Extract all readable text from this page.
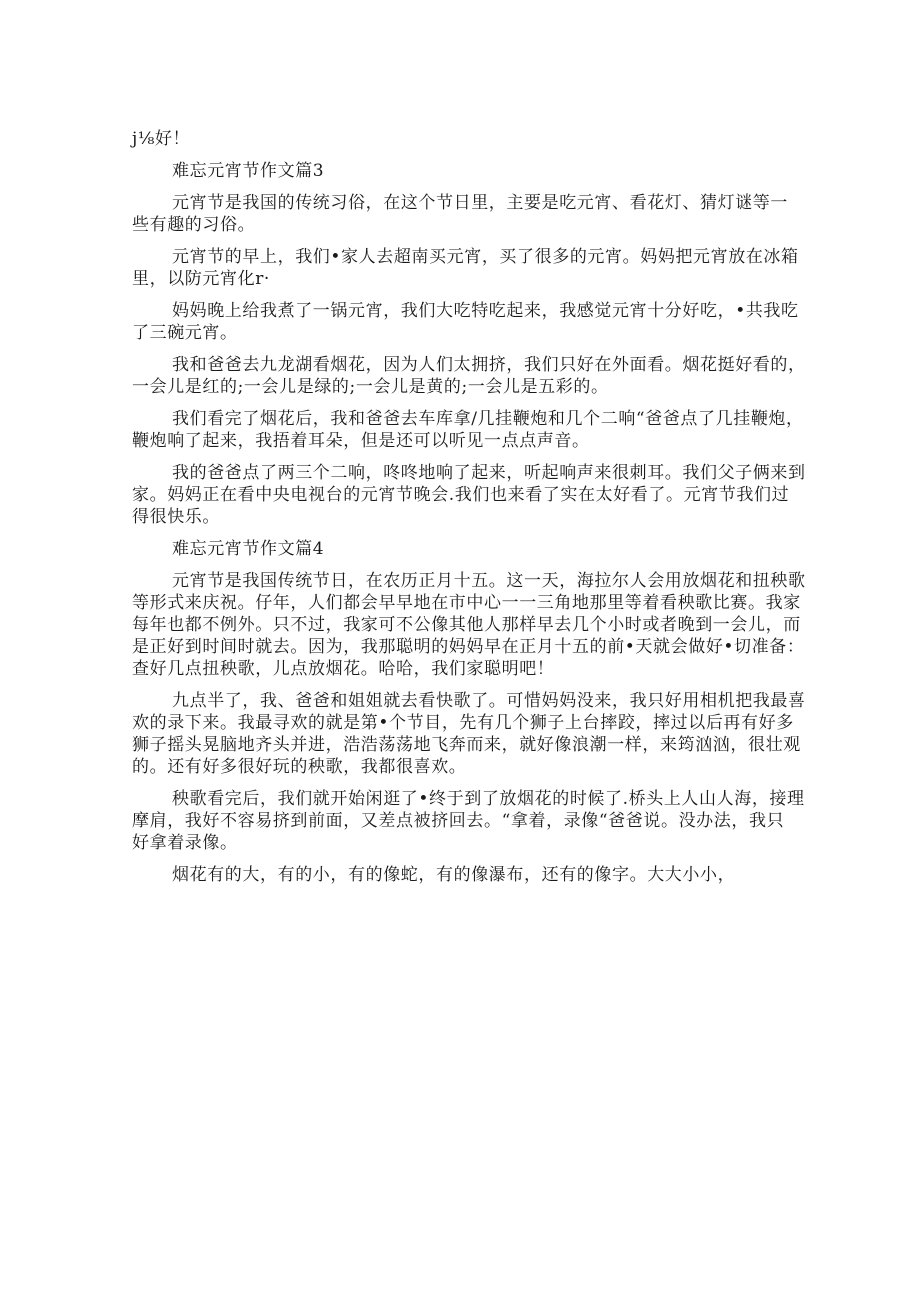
j⅛好！
难忘元宵节作文篇3
元宵节是我国的传统习俗，在这个节日里，主要是吃元宵、看花灯、猜灯谜等一
些有趣的习俗。
元宵节的早上，我们•家人去超南买元宵，买了很多的元宵。妈妈把元宵放在冰箱
里，以防元宵化r·
妈妈晚上给我煮了一锅元宵，我们大吃特吃起来，我感觉元宵十分好吃，•共我吃
了三碗元宵。
我和爸爸去九龙湖看烟花，因为人们太拥挤，我们只好在外面看。烟花挺好看的，
一会儿是红的;一会儿是绿的;一会儿是黄的;一会儿是五彩的。
我们看完了烟花后，我和爸爸去车库拿/几挂鞭炮和几个二响“爸爸点了几挂鞭炮，
鞭炮响了起来，我捂着耳朵，但是还可以听见一点点声音。
我的爸爸点了两三个二响，咚咚地响了起来，听起响声来很刺耳。我们父子俩来到
家。妈妈正在看中央电视台的元宵节晚会.我们也来看了实在太好看了。元宵节我们过
得很快乐。
难忘元宵节作文篇4
元宵节是我国传统节日，在农历正月十五。这一天，海拉尔人会用放烟花和扭秧歌
等形式来庆祝。仔年，人们都会早早地在市中心一一三角地那里等着看秧歌比赛。我家
每年也都不例外。只不过，我家可不公像其他人那样早去几个小时或者晚到一会儿，而
是正好到时间时就去。因为，我那聪明的妈妈早在正月十五的前•天就会做好•切准备：
查好几点扭秧歌，儿点放烟花。哈哈，我们家聪明吧！
九点半了，我、爸爸和姐姐就去看快歌了。可惜妈妈没来，我只好用相机把我最喜
欢的录下来。我最寻欢的就是第•个节目，先有几个狮子上台摔跤，摔过以后再有好多
狮子摇头晃脑地齐头并进，浩浩荡荡地飞奔而来，就好像浪潮一样，来筠汹汹，很壮观
的。还有好多很好玩的秧歌，我都很喜欢。
秧歌看完后，我们就开始闲逛了•终于到了放烟花的时候了.桥头上人山人海，接理
摩肩，我好不容易挤到前面，又差点被挤回去。“拿着，录像“爸爸说。没办法，我只
好拿着录像。
烟花有的大，有的小，有的像蛇，有的像瀑布，还有的像字。大大小小，
